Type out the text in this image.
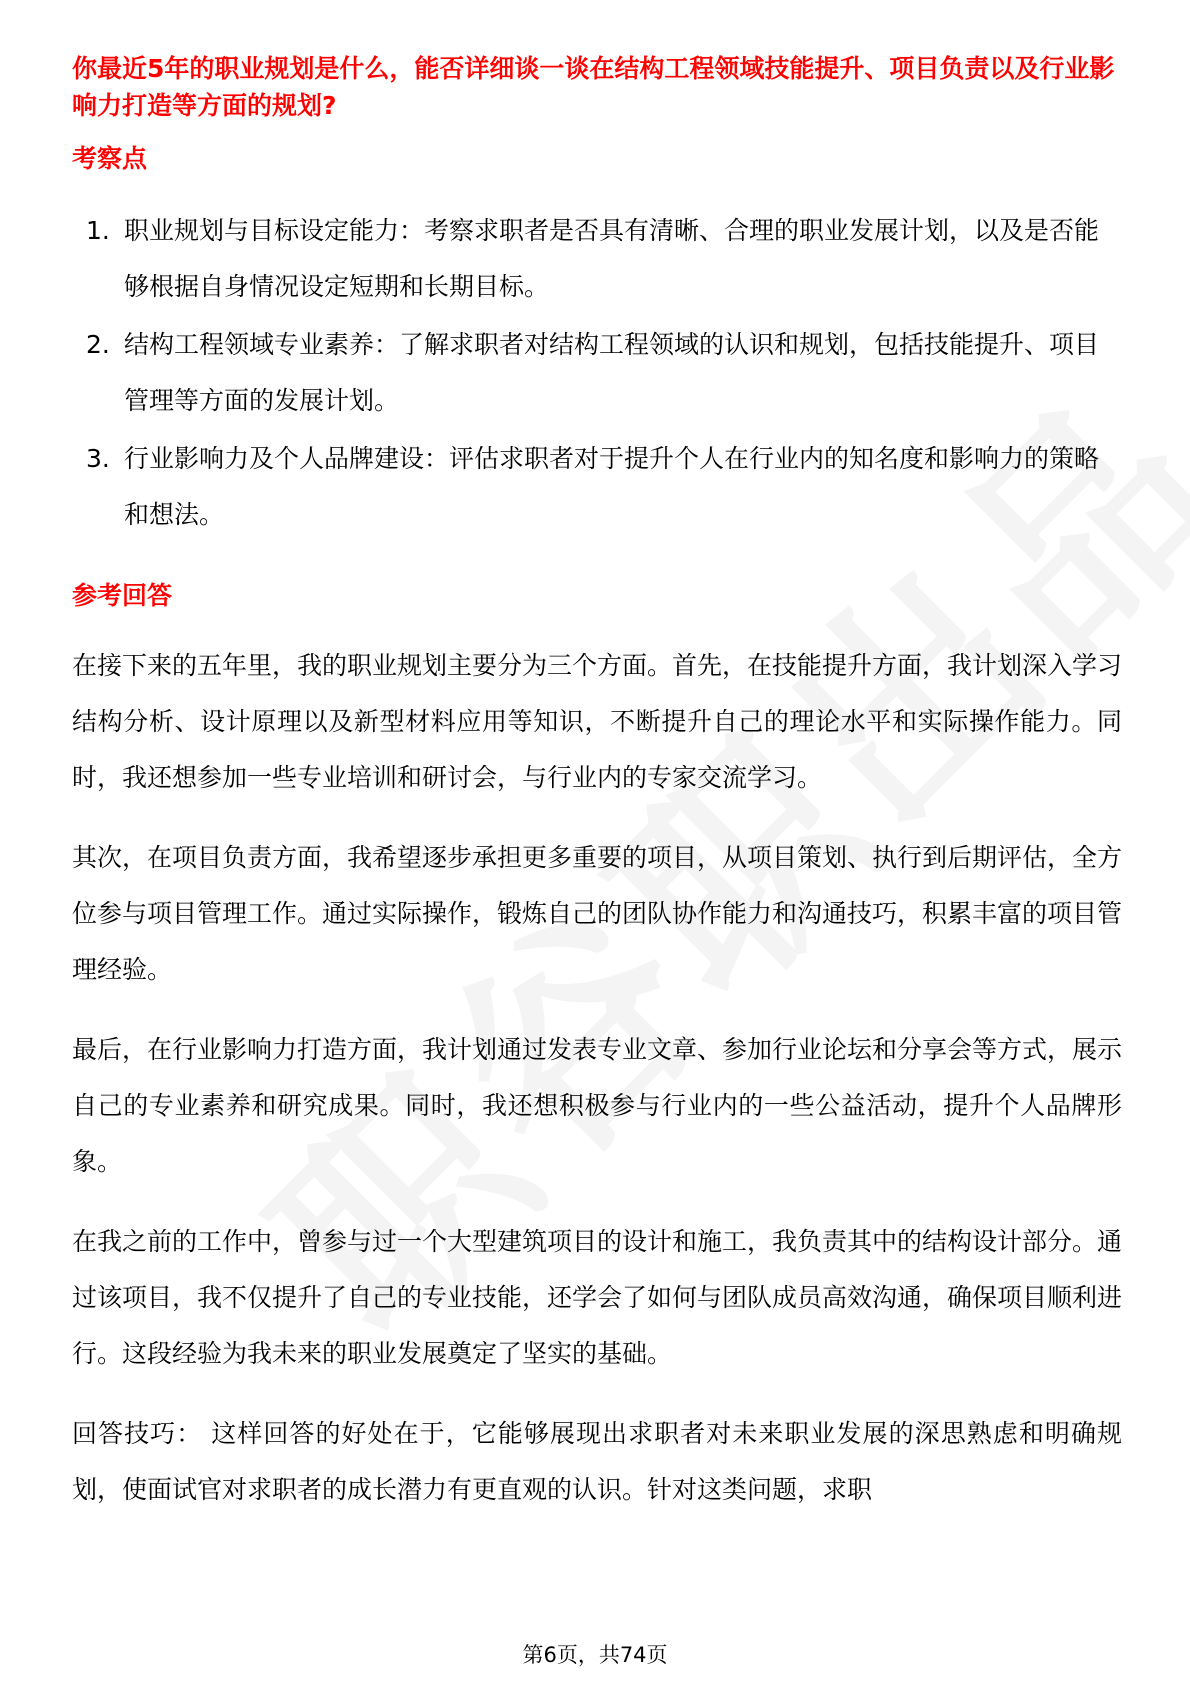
你最近5年的职业规划是什么，能否详细谈一谈在结构工程领域技能提升、项目负责以及行业影响力打造等方面的规划?

考察点

1. 职业规划与目标设定能力：考察求职者是否具有清晰、合理的职业发展计划，以及是否能够根据自身情况设定短期和长期目标。
2. 结构工程领域专业素养：了解求职者对结构工程领域的认识和规划，包括技能提升、项目管理等方面的发展计划。
3. 行业影响力及个人品牌建设：评估求职者对于提升个人在行业内的知名度和影响力的策略和想法。

参考回答

在接下来的五年里，我的职业规划主要分为三个方面。首先，在技能提升方面，我计划深入学习结构分析、设计原理以及新型材料应用等知识，不断提升自己的理论水平和实际操作能力。同时，我还想参加一些专业培训和研讨会，与行业内的专家交流学习。

其次，在项目负责方面，我希望逐步承担更多重要的项目，从项目策划、执行到后期评估，全方位参与项目管理工作。通过实际操作，锻炼自己的团队协作能力和沟通技巧，积累丰富的项目管理经验。

最后，在行业影响力打造方面，我计划通过发表专业文章、参加行业论坛和分享会等方式，展示自己的专业素养和研究成果。同时，我还想积极参与行业内的一些公益活动，提升个人品牌形象。

在我之前的工作中，曾参与过一个大型建筑项目的设计和施工，我负责其中的结构设计部分。通过该项目，我不仅提升了自己的专业技能，还学会了如何与团队成员高效沟通，确保项目顺利进行。这段经验为我未来的职业发展奠定了坚实的基础。

回答技巧： 这样回答的好处在于，它能够展现出求职者对未来职业发展的深思熟虑和明确规划，使面试官对求职者的成长潜力有更直观的认识。针对这类问题，求职

第6页，共74页
